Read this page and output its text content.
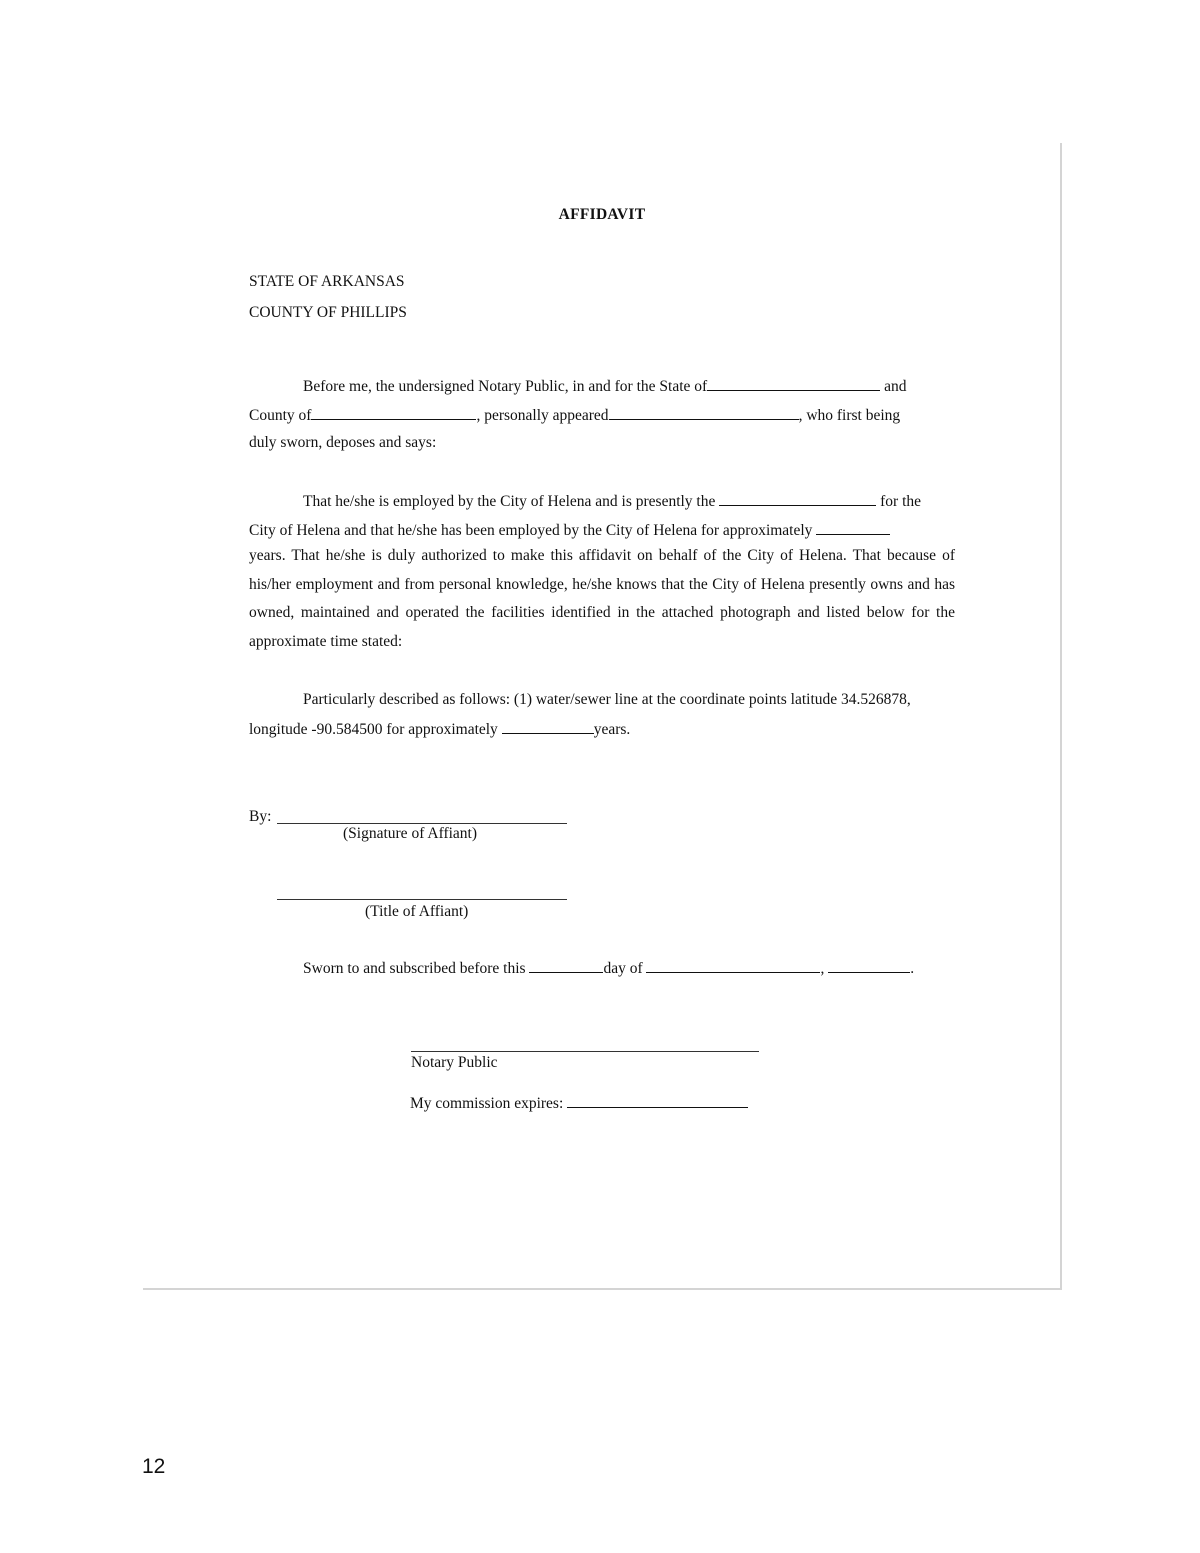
AFFIDAVIT
STATE OF ARKANSAS
COUNTY OF PHILLIPS
Before me, the undersigned Notary Public, in and for the State of	and
County of	, personally appeared	, who first being
duly sworn, deposes and says:
That he/she is employed by the City of Helena and is presently the	for the
City of Helena and that he/she has been employed by the City of Helena for approximately
years. That he/she is duly authorized to make this affidavit on behalf of the City of Helena. That because of his/her employment and from personal knowledge, he/she knows that the City of Helena presently owns and has owned, maintained and operated the facilities identified in the attached photograph and listed below for the approximate time stated:
Particularly described as follows: (1) water/sewer line at the coordinate points latitude 34.526878,
longitude -90.584500 for approximately	years.
By:
(Signature of Affiant)
(Title of Affiant)
Sworn to and subscribed before this	day of	,	.
Notary Public
My commission expires:
12
